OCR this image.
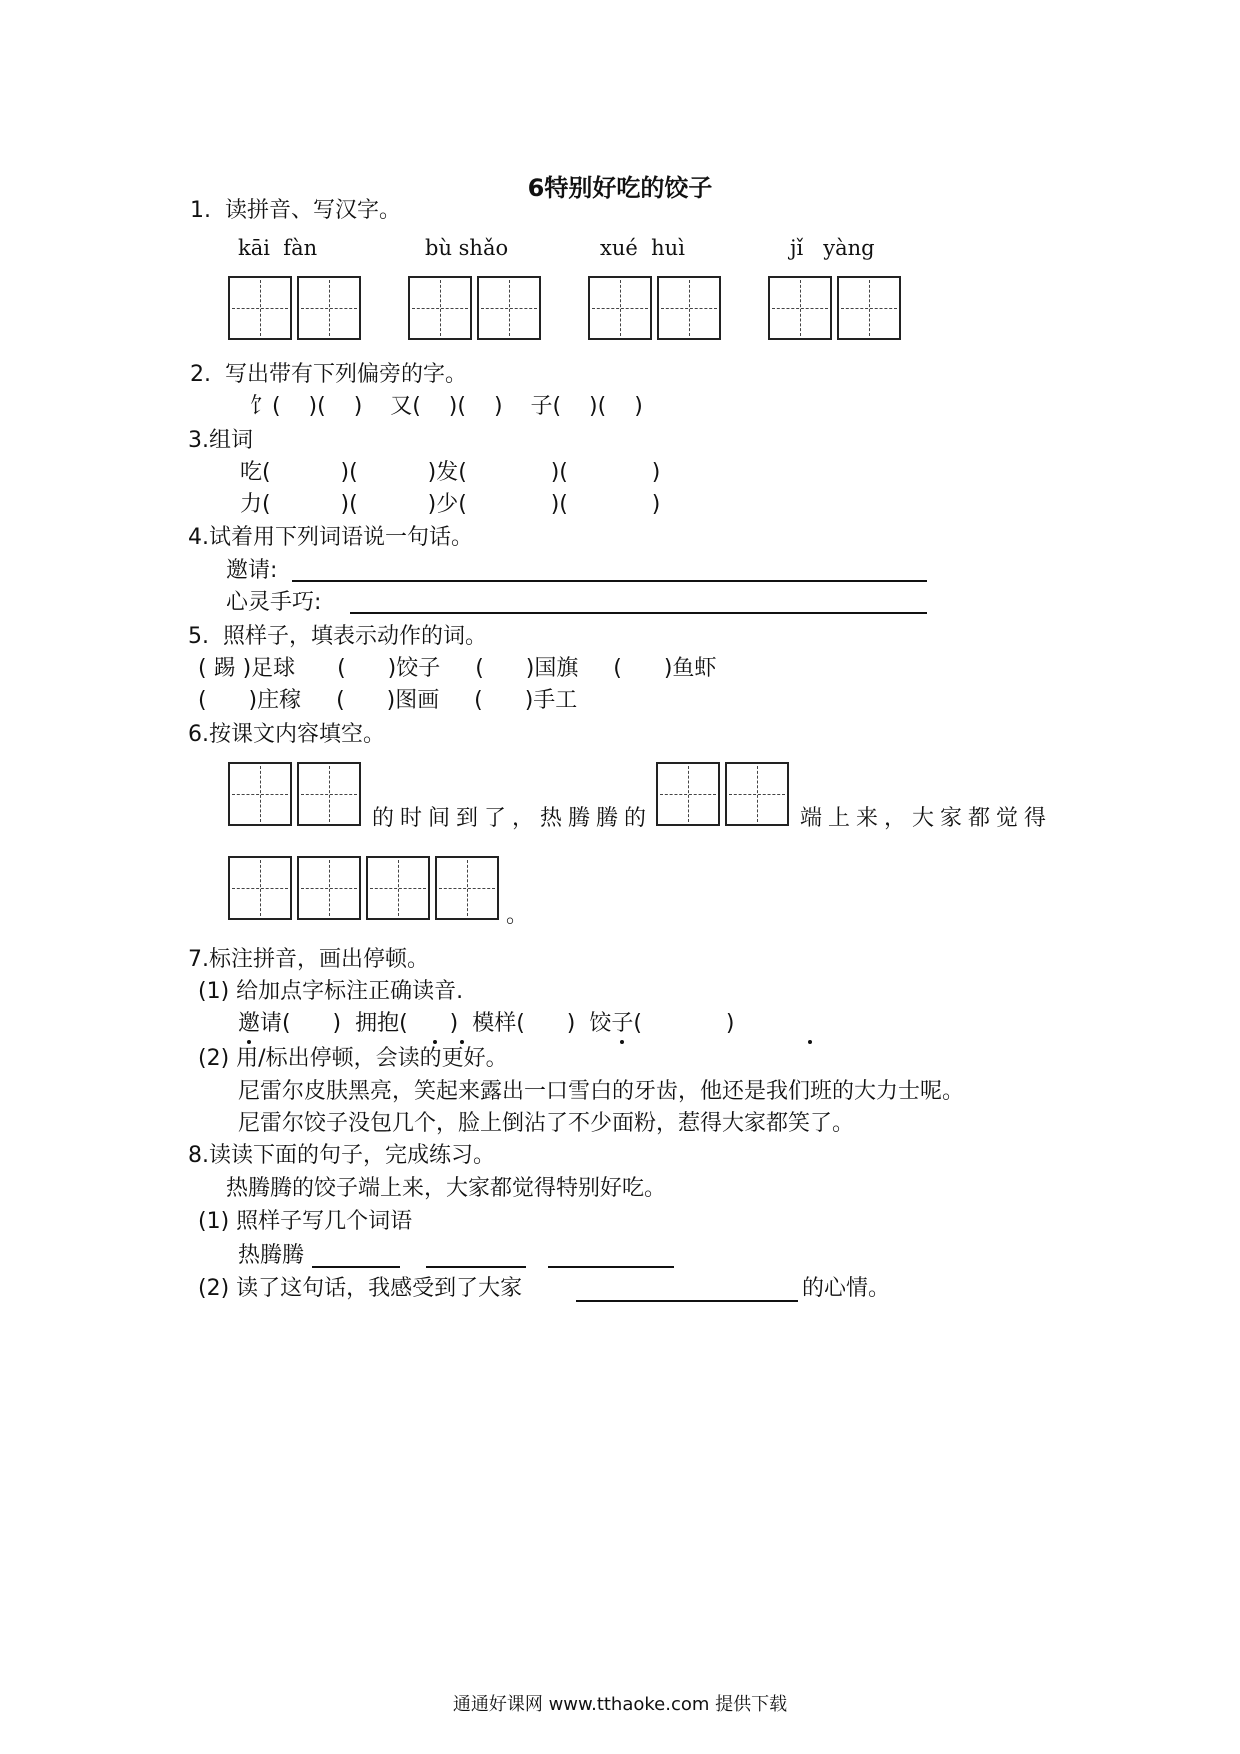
6特别好吃的饺子
1.  读拼音、写汉字。
kāi  fàn	bù shǎo	xué  huì	jǐ   yàng
2.  写出带有下列偏旁的字。
饣(    )(    )    又(    )(    )    子(    )(    )
3.组词
吃(          )(          )发(            )(            )
力(          )(          )少(            )(            )
4.试着用下列词语说一句话。
邀请:
心灵手巧:
5.  照样子，填表示动作的词。
( 踢 )足球      (      )饺子     (      )国旗     (      )鱼虾
(      )庄稼     (      )图画     (      )手工
6.按课文内容填空。
的时间到了，热腾腾的	端上来，大家都觉得
。
7.标注拼音，画出停顿。
(1) 给加点字标注正确读音.
邀请(      )  拥抱(      )  模样(      )  饺子(            )
(2) 用/标出停顿，会读的更好。
尼雷尔皮肤黑亮，笑起来露出一口雪白的牙齿，他还是我们班的大力士呢。
尼雷尔饺子没包几个，脸上倒沾了不少面粉，惹得大家都笑了。
8.读读下面的句子，完成练习。
热腾腾的饺子端上来，大家都觉得特别好吃。
(1) 照样子写几个词语
热腾腾
(2) 读了这句话，我感受到了大家	的心情。
通通好课网 www.tthaoke.com 提供下载
